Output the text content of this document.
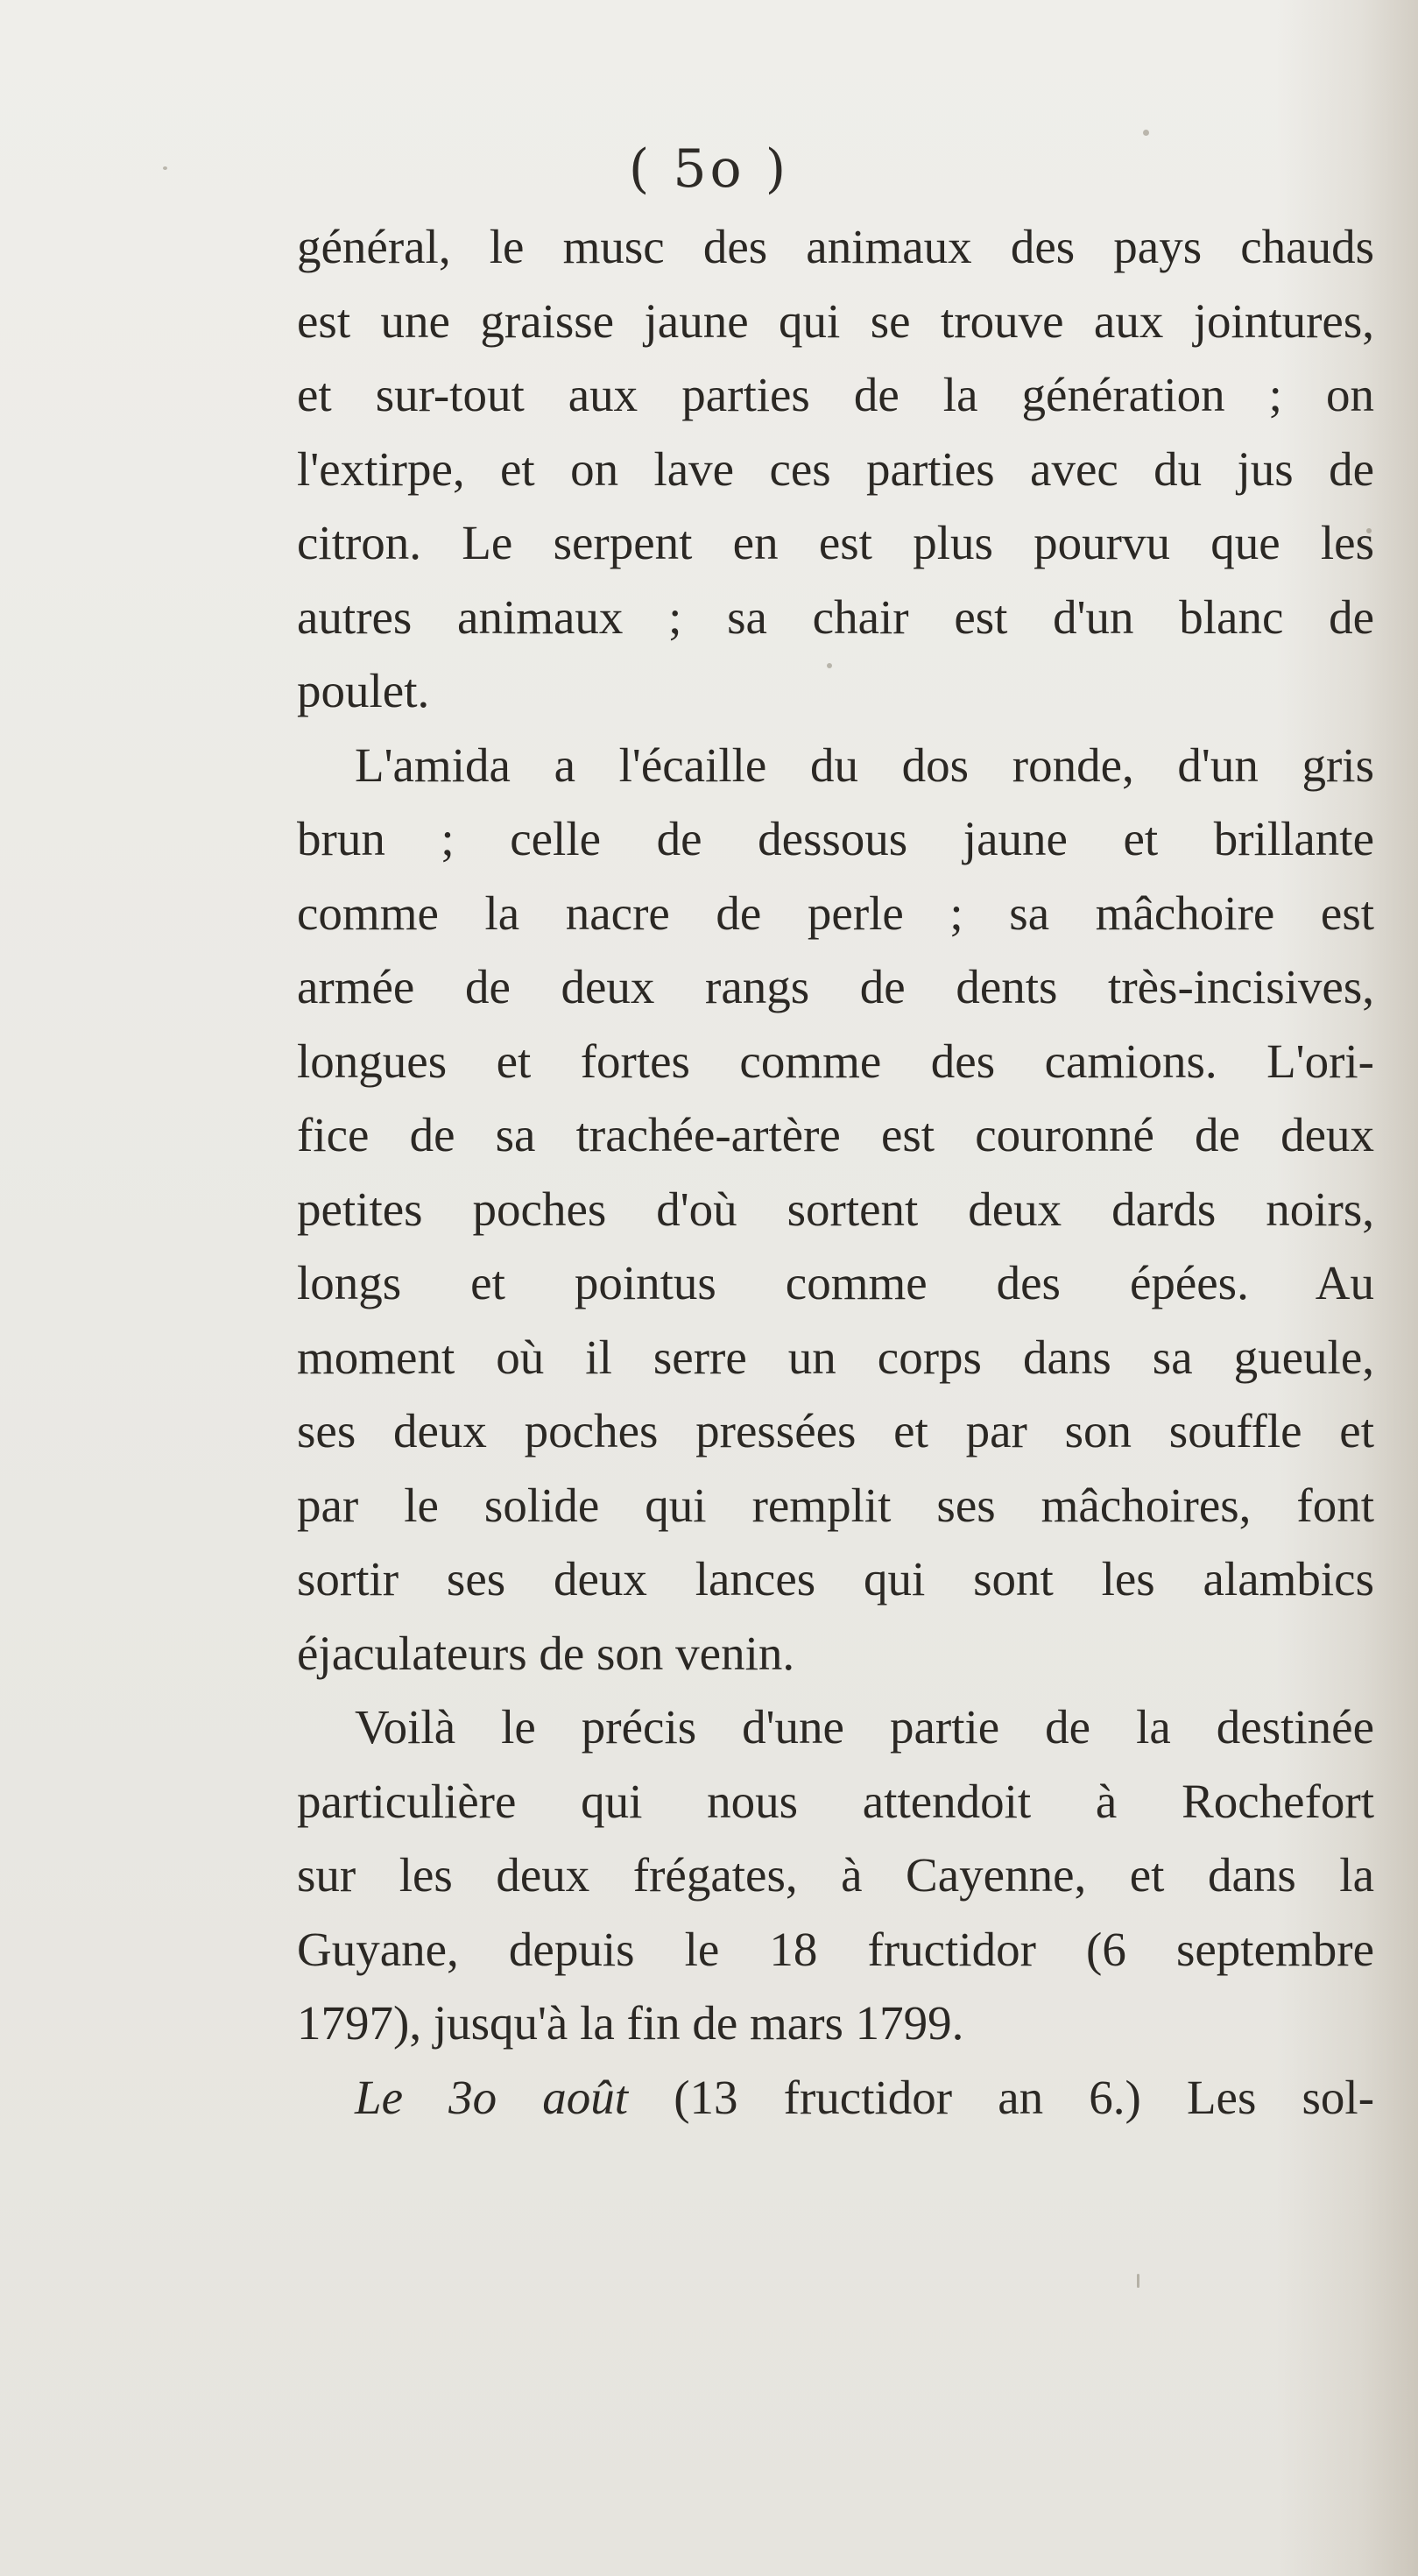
( 5o )
général, le musc des animaux des pays chauds
est une graisse jaune qui se trouve aux jointures,
et sur-tout aux parties de la génération ; on
l'extirpe, et on lave ces parties avec du jus de
citron. Le serpent en est plus pourvu que les
autres animaux ; sa chair est d'un blanc de
poulet.
L'amida a l'écaille du dos ronde, d'un gris
brun ; celle de dessous jaune et brillante
comme la nacre de perle ; sa mâchoire est
armée de deux rangs de dents très-incisives,
longues et fortes comme des camions. L'ori-
fice de sa trachée-artère est couronné de deux
petites poches d'où sortent deux dards noirs,
longs et pointus comme des épées. Au
moment où il serre un corps dans sa gueule,
ses deux poches pressées et par son souffle et
par le solide qui remplit ses mâchoires, font
sortir ses deux lances qui sont les alambics
éjaculateurs de son venin.
Voilà le précis d'une partie de la destinée
particulière qui nous attendoit à Rochefort
sur les deux frégates, à Cayenne, et dans la
Guyane, depuis le 18 fructidor (6 septembre
1797), jusqu'à la fin de mars 1799.
Le 3o août (13 fructidor an 6.) Les sol-
